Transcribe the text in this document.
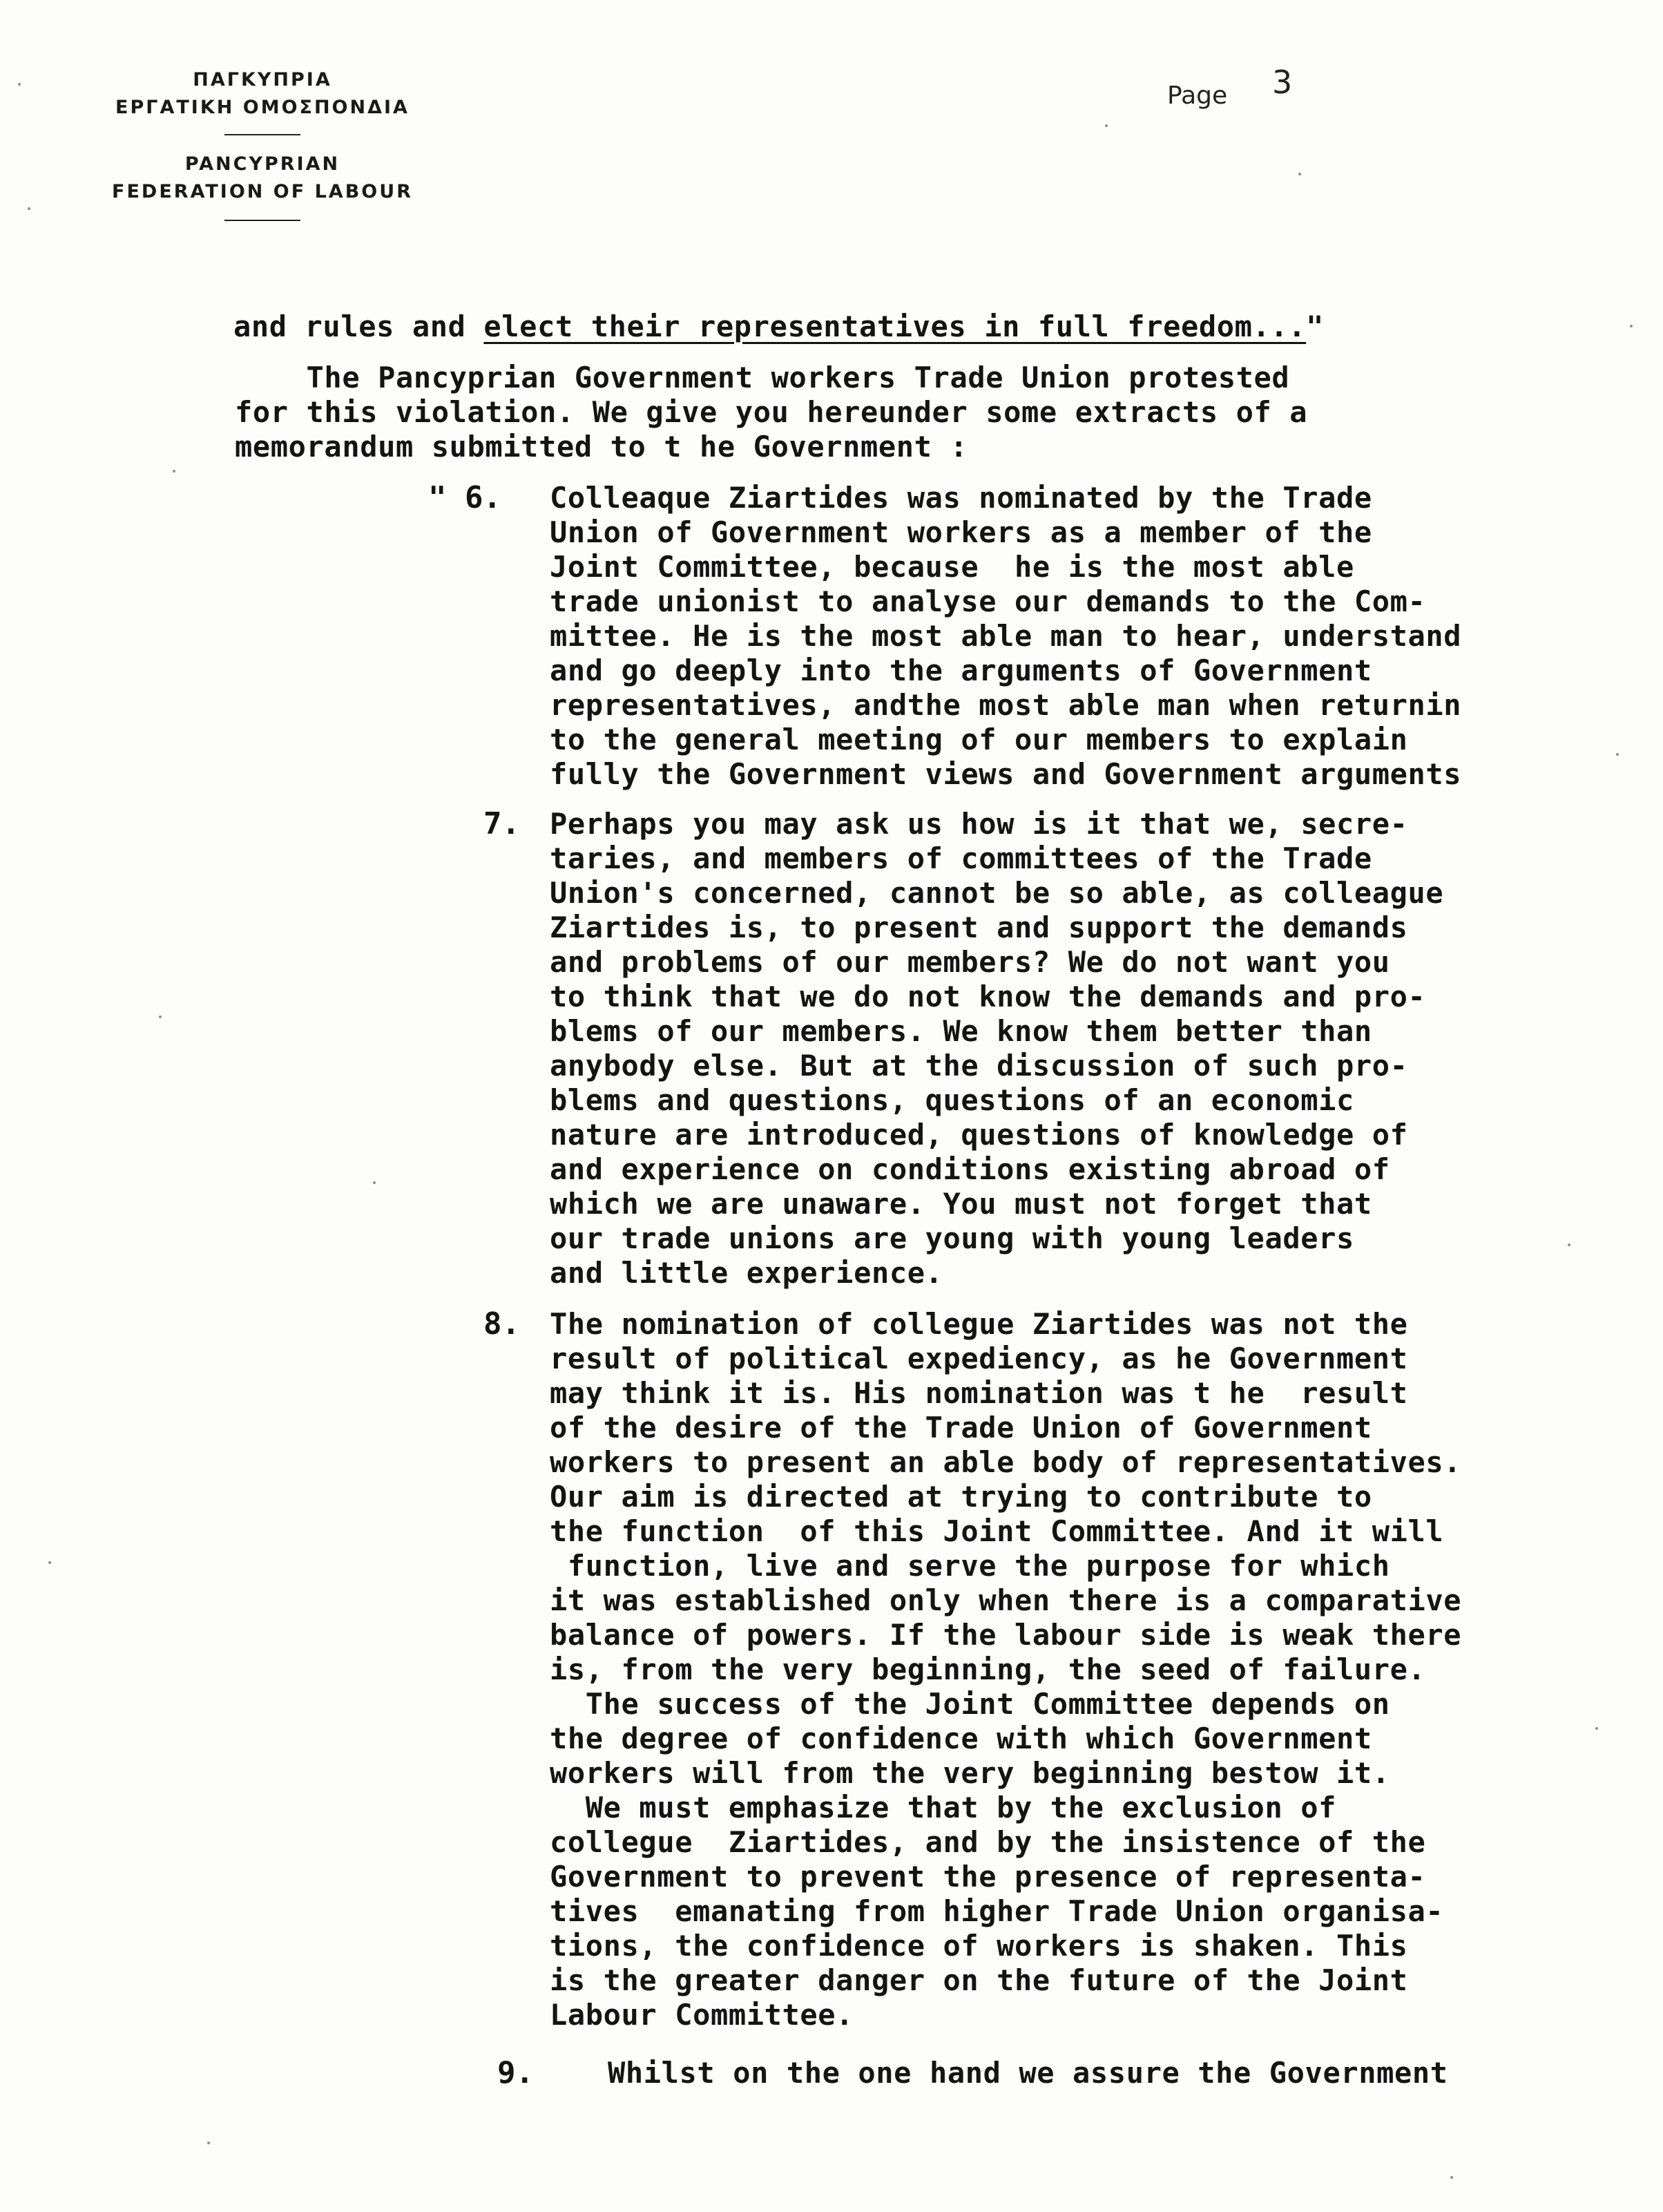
ΠΑΓΚΥΠΡΙΑ
ΕΡΓΑΤΙΚΗ ΟΜΟΣΠΟΝΔΙΑ
PANCYPRIAN
FEDERATION OF LABOUR
Page 3
and rules and elect their representatives in full freedom..."
The Pancyprian Government workers Trade Union protested
for this violation. We give you hereunder some extracts of a
memorandum submitted to t he Government :
" 6. Colleaque Ziartides was nominated by the Trade
Union of Government workers as a member of the
Joint Committee, because  he is the most able
trade unionist to analyse our demands to the Com-
mittee. He is the most able man to hear, understand
and go deeply into the arguments of Government
representatives, andthe most able man when returnin
to the general meeting of our members to explain
fully the Government views and Government arguments
7. Perhaps you may ask us how is it that we, secre-
taries, and members of committees of the Trade
Union's concerned, cannot be so able, as colleague
Ziartides is, to present and support the demands
and problems of our members? We do not want you
to think that we do not know the demands and pro-
blems of our members. We know them better than
anybody else. But at the discussion of such pro-
blems and questions, questions of an economic
nature are introduced, questions of knowledge of
and experience on conditions existing abroad of
which we are unaware. You must not forget that
our trade unions are young with young leaders
and little experience.
8. The nomination of collegue Ziartides was not the
result of political expediency, as he Government
may think it is. His nomination was t he  result
of the desire of the Trade Union of Government
workers to present an able body of representatives.
Our aim is directed at trying to contribute to
the function  of this Joint Committee. And it will
function, live and serve the purpose for which
it was established only when there is a comparative
balance of powers. If the labour side is weak there
is, from the very beginning, the seed of failure.
The success of the Joint Committee depends on
the degree of confidence with which Government
workers will from the very beginning bestow it.
We must emphasize that by the exclusion of
collegue  Ziartides, and by the insistence of the
Government to prevent the presence of representa-
tives  emanating from higher Trade Union organisa-
tions, the confidence of workers is shaken. This
is the greater danger on the future of the Joint
Labour Committee.
9.	Whilst on the one hand we assure the Government
